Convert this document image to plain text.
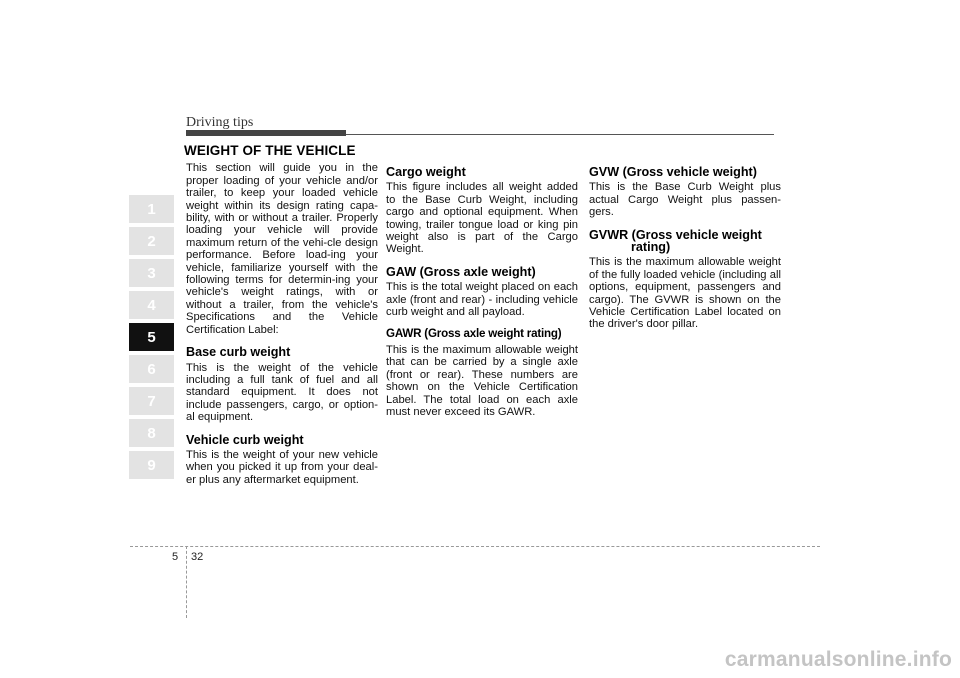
Driving tips
1
2
3
4
5
6
7
8
9
WEIGHT OF THE VEHICLE

This section will guide you in the proper loading of your vehicle and/or trailer, to keep your loaded vehicle weight within its design rating capa-bility, with or without a trailer. Properly loading your vehicle will provide maximum return of the vehi-cle design performance. Before load-ing your vehicle, familiarize yourself with the following terms for determin-ing your vehicle's weight ratings, with or without a trailer, from the vehicle's Specifications and the Vehicle Certification Label:

Base curb weight

This is the weight of the vehicle including a full tank of fuel and all standard equipment. It does not include passengers, cargo, or option-al equipment.

Vehicle curb weight

This is the weight of your new vehicle when you picked it up from your deal-er plus any aftermarket equipment.

Cargo weight

This figure includes all weight added to the Base Curb Weight, including cargo and optional equipment. When towing, trailer tongue load or king pin weight also is part of the Cargo Weight.

GAW (Gross axle weight)

This is the total weight placed on each axle (front and rear) - including vehicle curb weight and all payload.

GAWR (Gross axle weight rating)

This is the maximum allowable weight that can be carried by a single axle (front or rear). These numbers are shown on the Vehicle Certification Label. The total load on each axle must never exceed its GAWR.

GVW (Gross vehicle weight)

This is the Base Curb Weight plus actual Cargo Weight plus passen-gers.

GVWR (Gross vehicle weight
rating)

This is the maximum allowable weight of the fully loaded vehicle (including all options, equipment, passengers and cargo). The GVWR is shown on the Vehicle Certification Label located on the driver's door pillar.

5 32
carmanualsonline.info
